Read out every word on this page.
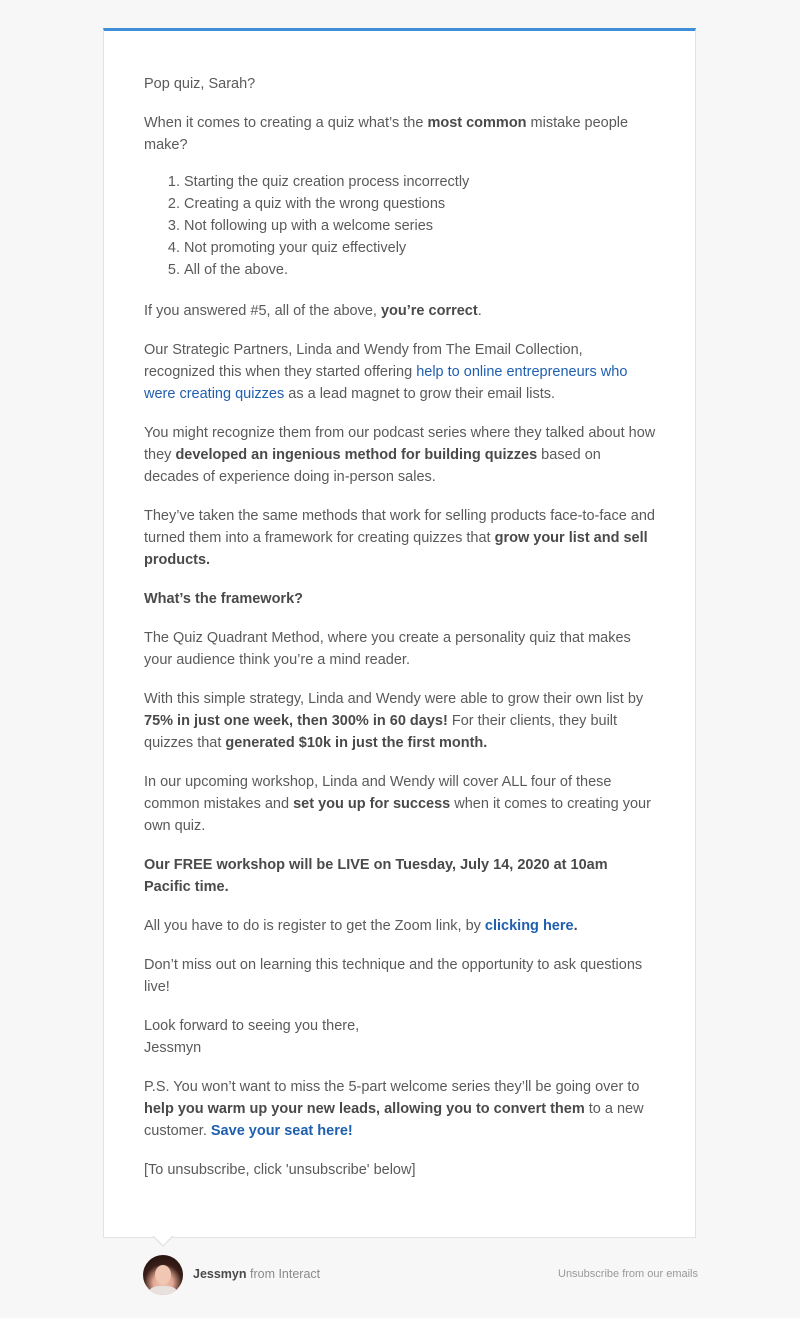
Pop quiz, Sarah?

When it comes to creating a quiz what’s the most common mistake people make?

1. Starting the quiz creation process incorrectly
2. Creating a quiz with the wrong questions
3. Not following up with a welcome series
4. Not promoting your quiz effectively
5. All of the above.

If you answered #5, all of the above, you’re correct.

Our Strategic Partners, Linda and Wendy from The Email Collection, recognized this when they started offering help to online entrepreneurs who were creating quizzes as a lead magnet to grow their email lists.

You might recognize them from our podcast series where they talked about how they developed an ingenious method for building quizzes based on decades of experience doing in-person sales.

They’ve taken the same methods that work for selling products face-to-face and turned them into a framework for creating quizzes that grow your list and sell products.

What’s the framework?

The Quiz Quadrant Method, where you create a personality quiz that makes your audience think you’re a mind reader.

With this simple strategy, Linda and Wendy were able to grow their own list by 75% in just one week, then 300% in 60 days! For their clients, they built quizzes that generated $10k in just the first month.

In our upcoming workshop, Linda and Wendy will cover ALL four of these common mistakes and set you up for success when it comes to creating your own quiz.

Our FREE workshop will be LIVE on Tuesday, July 14, 2020 at 10am Pacific time.

All you have to do is register to get the Zoom link, by clicking here.

Don’t miss out on learning this technique and the opportunity to ask questions live!

Look forward to seeing you there,
Jessmyn

P.S. You won’t want to miss the 5-part welcome series they’ll be going over to help you warm up your new leads, allowing you to convert them to a new customer. Save your seat here!

[To unsubscribe, click 'unsubscribe' below]

Jessmyn from Interact	Unsubscribe from our emails
